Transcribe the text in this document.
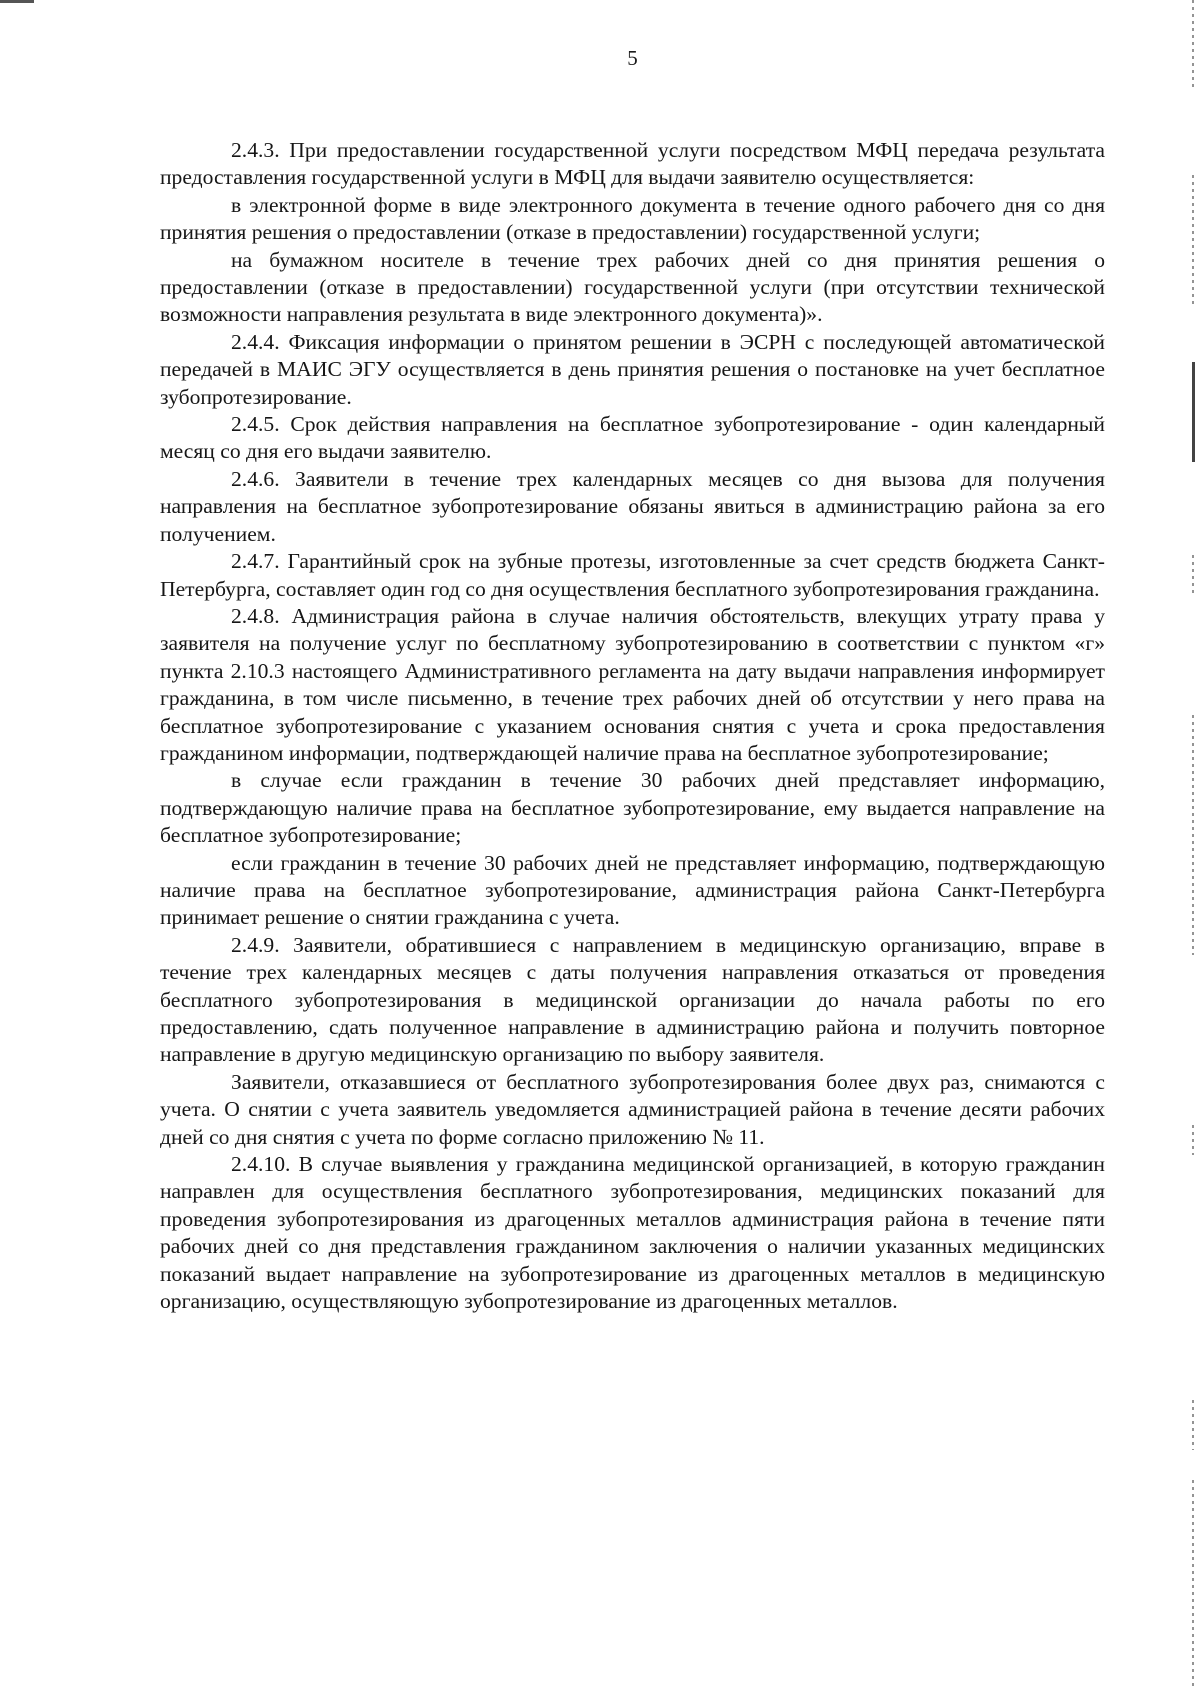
5

2.4.3. При предоставлении государственной услуги посредством МФЦ передача результата предоставления государственной услуги в МФЦ для выдачи заявителю осуществляется:

в электронной форме в виде электронного документа в течение одного рабочего дня со дня принятия решения о предоставлении (отказе в предоставлении) государственной услуги;

на бумажном носителе в течение трех рабочих дней со дня принятия решения о предоставлении (отказе в предоставлении) государственной услуги (при отсутствии технической возможности направления результата в виде электронного документа)».

2.4.4. Фиксация информации о принятом решении в ЭСРН с последующей автоматической передачей в МАИС ЭГУ осуществляется в день принятия решения о постановке на учет бесплатное зубопротезирование.

2.4.5. Срок действия направления на бесплатное зубопротезирование - один календарный месяц со дня его выдачи заявителю.

2.4.6. Заявители в течение трех календарных месяцев со дня вызова для получения направления на бесплатное зубопротезирование обязаны явиться в администрацию района за его получением.

2.4.7. Гарантийный срок на зубные протезы, изготовленные за счет средств бюджета Санкт-Петербурга, составляет один год со дня осуществления бесплатного зубопротезирования гражданина.

2.4.8. Администрация района в случае наличия обстоятельств, влекущих утрату права у заявителя на получение услуг по бесплатному зубопротезированию в соответствии с пунктом «г» пункта 2.10.3 настоящего Административного регламента на дату выдачи направления информирует гражданина, в том числе письменно, в течение трех рабочих дней об отсутствии у него права на бесплатное зубопротезирование с указанием основания снятия с учета и срока предоставления гражданином информации, подтверждающей наличие права на бесплатное зубопротезирование;

в случае если гражданин в течение 30 рабочих дней представляет информацию, подтверждающую наличие права на бесплатное зубопротезирование, ему выдается направление на бесплатное зубопротезирование;

если гражданин в течение 30 рабочих дней не представляет информацию, подтверждающую наличие права на бесплатное зубопротезирование, администрация района Санкт-Петербурга принимает решение о снятии гражданина с учета.

2.4.9. Заявители, обратившиеся с направлением в медицинскую организацию, вправе в течение трех календарных месяцев с даты получения направления отказаться от проведения бесплатного зубопротезирования в медицинской организации до начала работы по его предоставлению, сдать полученное направление в администрацию района и получить повторное направление в другую медицинскую организацию по выбору заявителя.

Заявители, отказавшиеся от бесплатного зубопротезирования более двух раз, снимаются с учета. О снятии с учета заявитель уведомляется администрацией района в течение десяти рабочих дней со дня снятия с учета по форме согласно приложению № 11.

2.4.10. В случае выявления у гражданина медицинской организацией, в которую гражданин направлен для осуществления бесплатного зубопротезирования, медицинских показаний для проведения зубопротезирования из драгоценных металлов администрация района в течение пяти рабочих дней со дня представления гражданином заключения о наличии указанных медицинских показаний выдает направление на зубопротезирование из драгоценных металлов в медицинскую организацию, осуществляющую зубопротезирование из драгоценных металлов.
